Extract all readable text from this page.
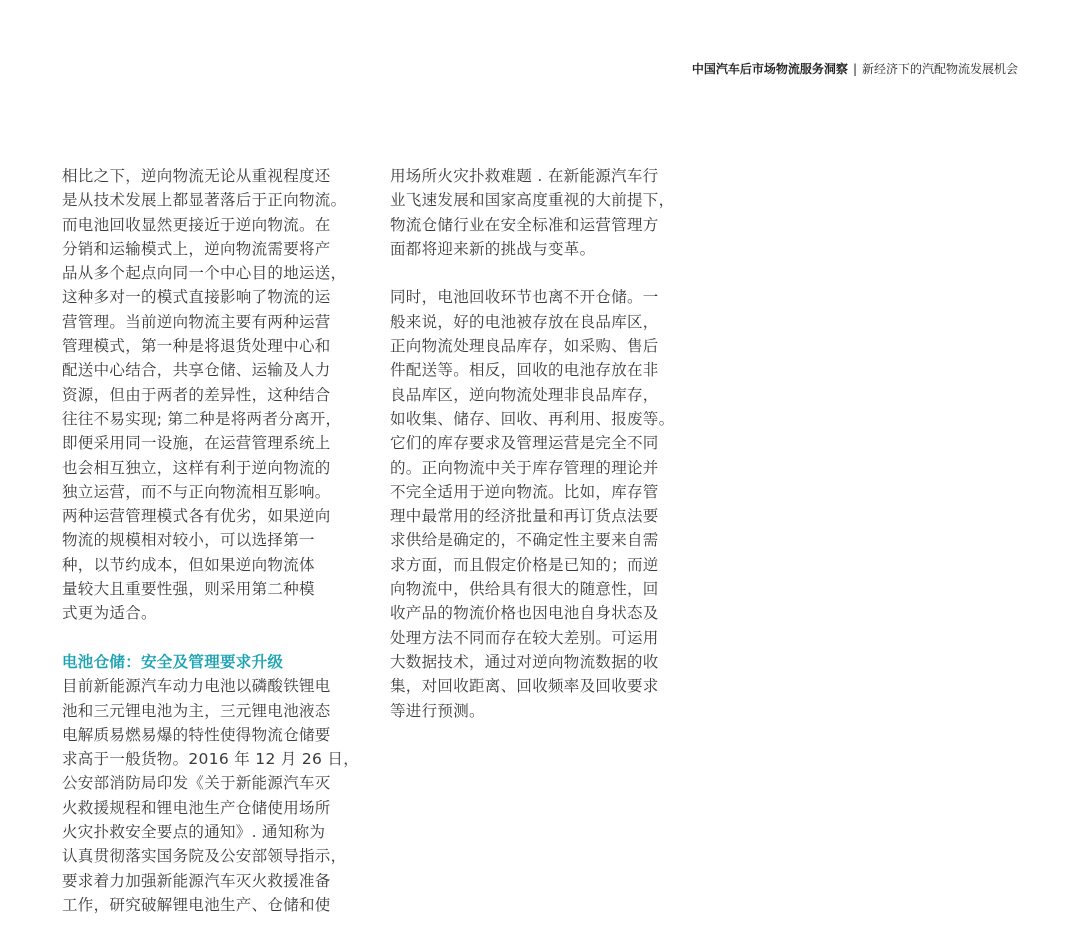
中国汽车后市场物流服务洞察 | 新经济下的汽配物流发展机会
相比之下，逆向物流无论从重视程度还
是从技术发展上都显著落后于正向物流。
而电池回收显然更接近于逆向物流。在
分销和运输模式上，逆向物流需要将产
品从多个起点向同一个中心目的地运送，
这种多对一的模式直接影响了物流的运
营管理。当前逆向物流主要有两种运营
管理模式，第一种是将退货处理中心和
配送中心结合，共享仓储、运输及人力
资源，但由于两者的差异性，这种结合
往往不易实现; 第二种是将两者分离开，
即便采用同一设施，在运营管理系统上
也会相互独立，这样有利于逆向物流的
独立运营，而不与正向物流相互影响。
两种运营管理模式各有优劣，如果逆向
物流的规模相对较小，可以选择第一
种，以节约成本，但如果逆向物流体
量较大且重要性强，则采用第二种模
式更为适合。
电池仓储：安全及管理要求升级
目前新能源汽车动力电池以磷酸铁锂电
池和三元锂电池为主，三元锂电池液态
电解质易燃易爆的特性使得物流仓储要
求高于一般货物。2016 年 12 月 26 日，
公安部消防局印发《关于新能源汽车灭
火救援规程和锂电池生产仓储使用场所
火灾扑救安全要点的通知》. 通知称为
认真贯彻落实国务院及公安部领导指示，
要求着力加强新能源汽车灭火救援准备
工作，研究破解锂电池生产、仓储和使
用场所火灾扑救难题 . 在新能源汽车行
业飞速发展和国家高度重视的大前提下，
物流仓储行业在安全标准和运营管理方
面都将迎来新的挑战与变革。
同时，电池回收环节也离不开仓储。一
般来说，好的电池被存放在良品库区，
正向物流处理良品库存，如采购、售后
件配送等。相反，回收的电池存放在非
良品库区，逆向物流处理非良品库存，
如收集、储存、回收、再利用、报废等。
它们的库存要求及管理运营是完全不同
的。正向物流中关于库存管理的理论并
不完全适用于逆向物流。比如，库存管
理中最常用的经济批量和再订货点法要
求供给是确定的，不确定性主要来自需
求方面，而且假定价格是已知的；而逆
向物流中，供给具有很大的随意性，回
收产品的物流价格也因电池自身状态及
处理方法不同而存在较大差别。可运用
大数据技术，通过对逆向物流数据的收
集，对回收距离、回收频率及回收要求
等进行预测。
